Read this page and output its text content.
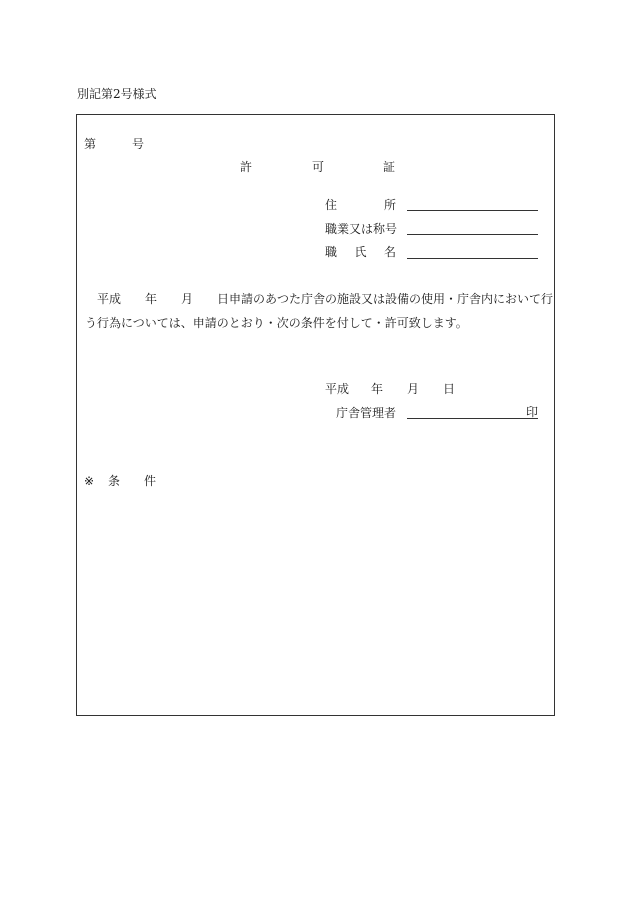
別記第2号様式
第	号
許	可	証
住	所
職業又は称号
職 氏 名
平成 年 月 日申請のあつた庁舎の施設又は設備の使用・庁舎内において行
う行為については、申請のとおり・次の条件を付して・許可致します。
平成 年 月 日
庁舎管理者	印
※ 条 件
